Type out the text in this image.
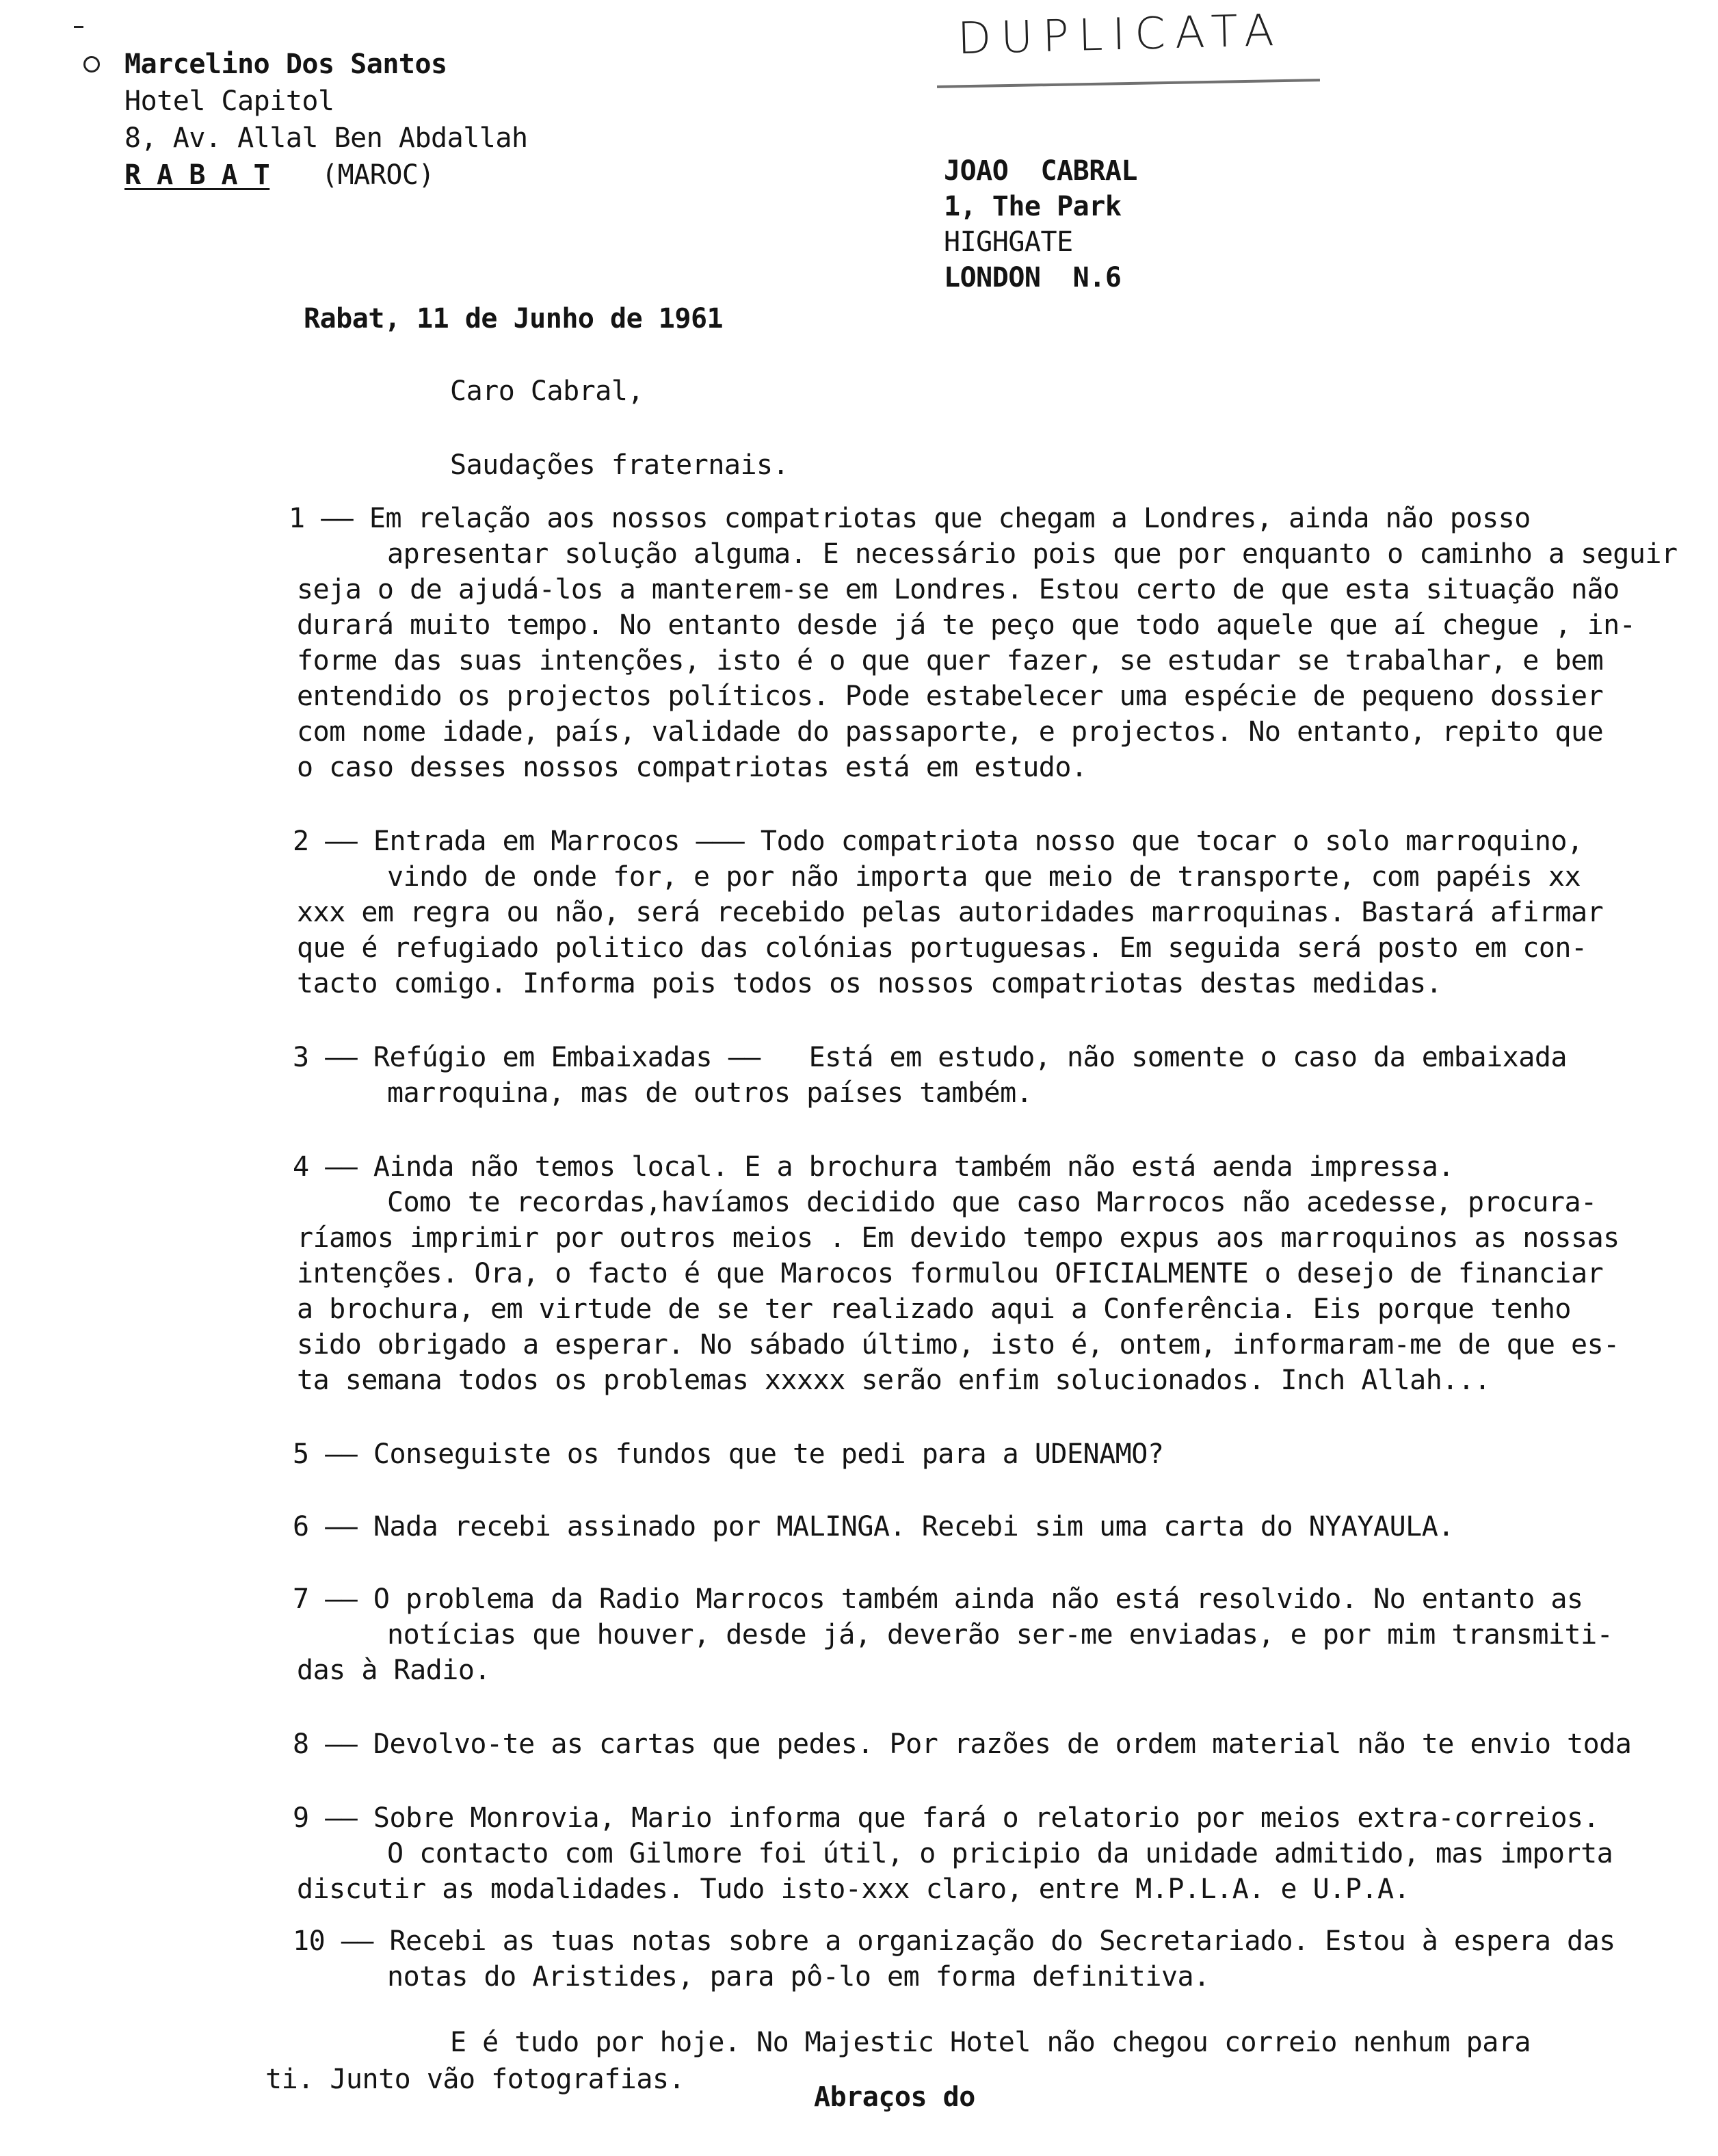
DUPLICATA
Marcelino Dos Santos
Hotel Capitol
8, Av. Allal Ben Abdallah
R A B A T (MAROC)	JOAO  CABRAL
1, The Park
HIGHGATE
LONDON  N.6
Rabat, 11 de Junho de 1961
Caro Cabral,
Saudações fraternais.
1 —— Em relação aos nossos compatriotas que chegam a Londres, ainda não posso
apresentar solução alguma. E necessário pois que por enquanto o caminho a seguir
seja o de ajudá-los a manterem-se em Londres. Estou certo de que esta situação não
durará muito tempo. No entanto desde já te peço que todo aquele que aí chegue , in-
forme das suas intenções, isto é o que quer fazer, se estudar se trabalhar, e bem
entendido os projectos políticos. Pode estabelecer uma espécie de pequeno dossier
com nome idade, país, validade do passaporte, e projectos. No entanto, repito que
o caso desses nossos compatriotas está em estudo.
2 —— Entrada em Marrocos ——— Todo compatriota nosso que tocar o solo marroquino,
vindo de onde for, e por não importa que meio de transporte, com papéis xx
xxx em regra ou não, será recebido pelas autoridades marroquinas. Bastará afirmar
que é refugiado politico das colónias portuguesas. Em seguida será posto em con-
tacto comigo. Informa pois todos os nossos compatriotas destas medidas.
3 —— Refúgio em Embaixadas ——   Está em estudo, não somente o caso da embaixada
marroquina, mas de outros países também.
4 —— Ainda não temos local. E a brochura também não está aenda impressa.
Como te recordas,havíamos decidido que caso Marrocos não acedesse, procura-
ríamos imprimir por outros meios . Em devido tempo expus aos marroquinos as nossas
intenções. Ora, o facto é que Marocos formulou OFICIALMENTE o desejo de financiar
a brochura, em virtude de se ter realizado aqui a Conferência. Eis porque tenho
sido obrigado a esperar. No sábado último, isto é, ontem, informaram-me de que es-
ta semana todos os problemas xxxxx serão enfim solucionados. Inch Allah...
5 —— Conseguiste os fundos que te pedi para a UDENAMO?
6 —— Nada recebi assinado por MALINGA. Recebi sim uma carta do NYAYAULA.
7 —— O problema da Radio Marrocos também ainda não está resolvido. No entanto as
notícias que houver, desde já, deverão ser-me enviadas, e por mim transmiti-
das à Radio.
8 —— Devolvo-te as cartas que pedes. Por razões de ordem material não te envio toda
9 —— Sobre Monrovia, Mario informa que fará o relatorio por meios extra-correios.
O contacto com Gilmore foi útil, o pricipio da unidade admitido, mas importa
discutir as modalidades. Tudo isto-xxx claro, entre M.P.L.A. e U.P.A.
10 —— Recebi as tuas notas sobre a organização do Secretariado. Estou à espera das
notas do Aristides, para pô-lo em forma definitiva.
E é tudo por hoje. No Majestic Hotel não chegou correio nenhum para
ti. Junto vão fotografias.
Abraços do
